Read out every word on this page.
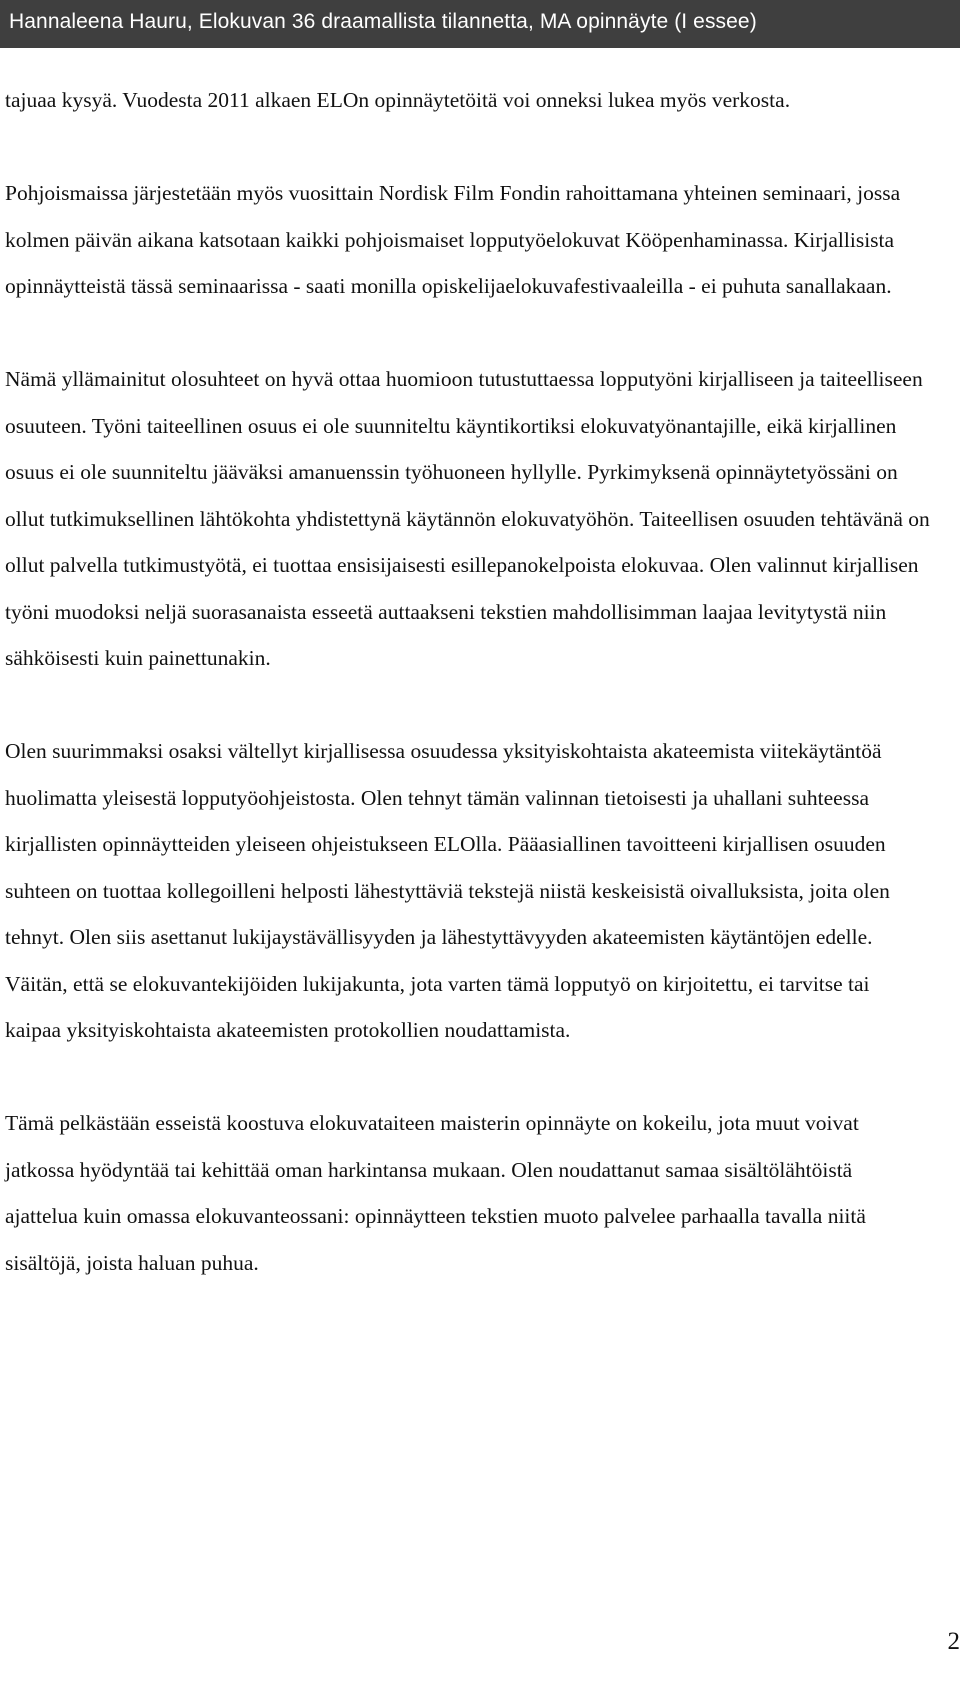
Hannaleena Hauru, Elokuvan 36 draamallista tilannetta, MA opinnäyte (I essee)

tajuaa kysyä. Vuodesta 2011 alkaen ELOn opinnäytetöitä voi onneksi lukea myös verkosta.

Pohjoismaissa järjestetään myös vuosittain Nordisk Film Fondin rahoittamana yhteinen seminaari, jossa kolmen päivän aikana katsotaan kaikki pohjoismaiset lopputyöelokuvat Kööpenhaminassa. Kirjallisista opinnäytteistä tässä seminaarissa - saati monilla opiskelijaelokuvafestivaaleilla - ei puhuta sanallakaan.

Nämä yllämainitut olosuhteet on hyvä ottaa huomioon tutustuttaessa lopputyöni kirjalliseen ja taiteelliseen osuuteen. Työni taiteellinen osuus ei ole suunniteltu käyntikortiksi elokuvatyönantajille, eikä kirjallinen osuus ei ole suunniteltu jääväksi amanuenssin työhuoneen hyllylle. Pyrkimyksenä opinnäytetyössäni on ollut tutkimuksellinen lähtökohta yhdistettynä käytännön elokuvatyöhön. Taiteellisen osuuden tehtävänä on ollut palvella tutkimustyötä, ei tuottaa ensisijaisesti esillepanokelpoista elokuvaa. Olen valinnut kirjallisen työni muodoksi neljä suorasanaista esseetä auttaakseni tekstien mahdollisimman laajaa levitytystä niin sähköisesti kuin painettunakin.

Olen suurimmaksi osaksi vältellyt kirjallisessa osuudessa yksityiskohtaista akateemista viitekäytäntöä huolimatta yleisestä lopputyöohjeistosta. Olen tehnyt tämän valinnan tietoisesti ja uhallani suhteessa kirjallisten opinnäytteiden yleiseen ohjeistukseen ELOlla. Pääasiallinen tavoitteeni kirjallisen osuuden suhteen on tuottaa kollegoilleni helposti lähestyttäviä tekstejä niistä keskeisistä oivalluksista, joita olen tehnyt. Olen siis asettanut lukijaystävällisyyden ja lähestyttävyyden akateemisten käytäntöjen edelle. Väitän, että se elokuvantekijöiden lukijakunta, jota varten tämä lopputyö on kirjoitettu, ei tarvitse tai kaipaa yksityiskohtaista akateemisten protokollien noudattamista.

Tämä pelkästään esseistä koostuva elokuvataiteen maisterin opinnäyte on kokeilu, jota muut voivat jatkossa hyödyntää tai kehittää oman harkintansa mukaan. Olen noudattanut samaa sisältölähtöistä ajattelua kuin omassa elokuvanteossani: opinnäytteen tekstien muoto palvelee parhaalla tavalla niitä sisältöjä, joista haluan puhua.

2
